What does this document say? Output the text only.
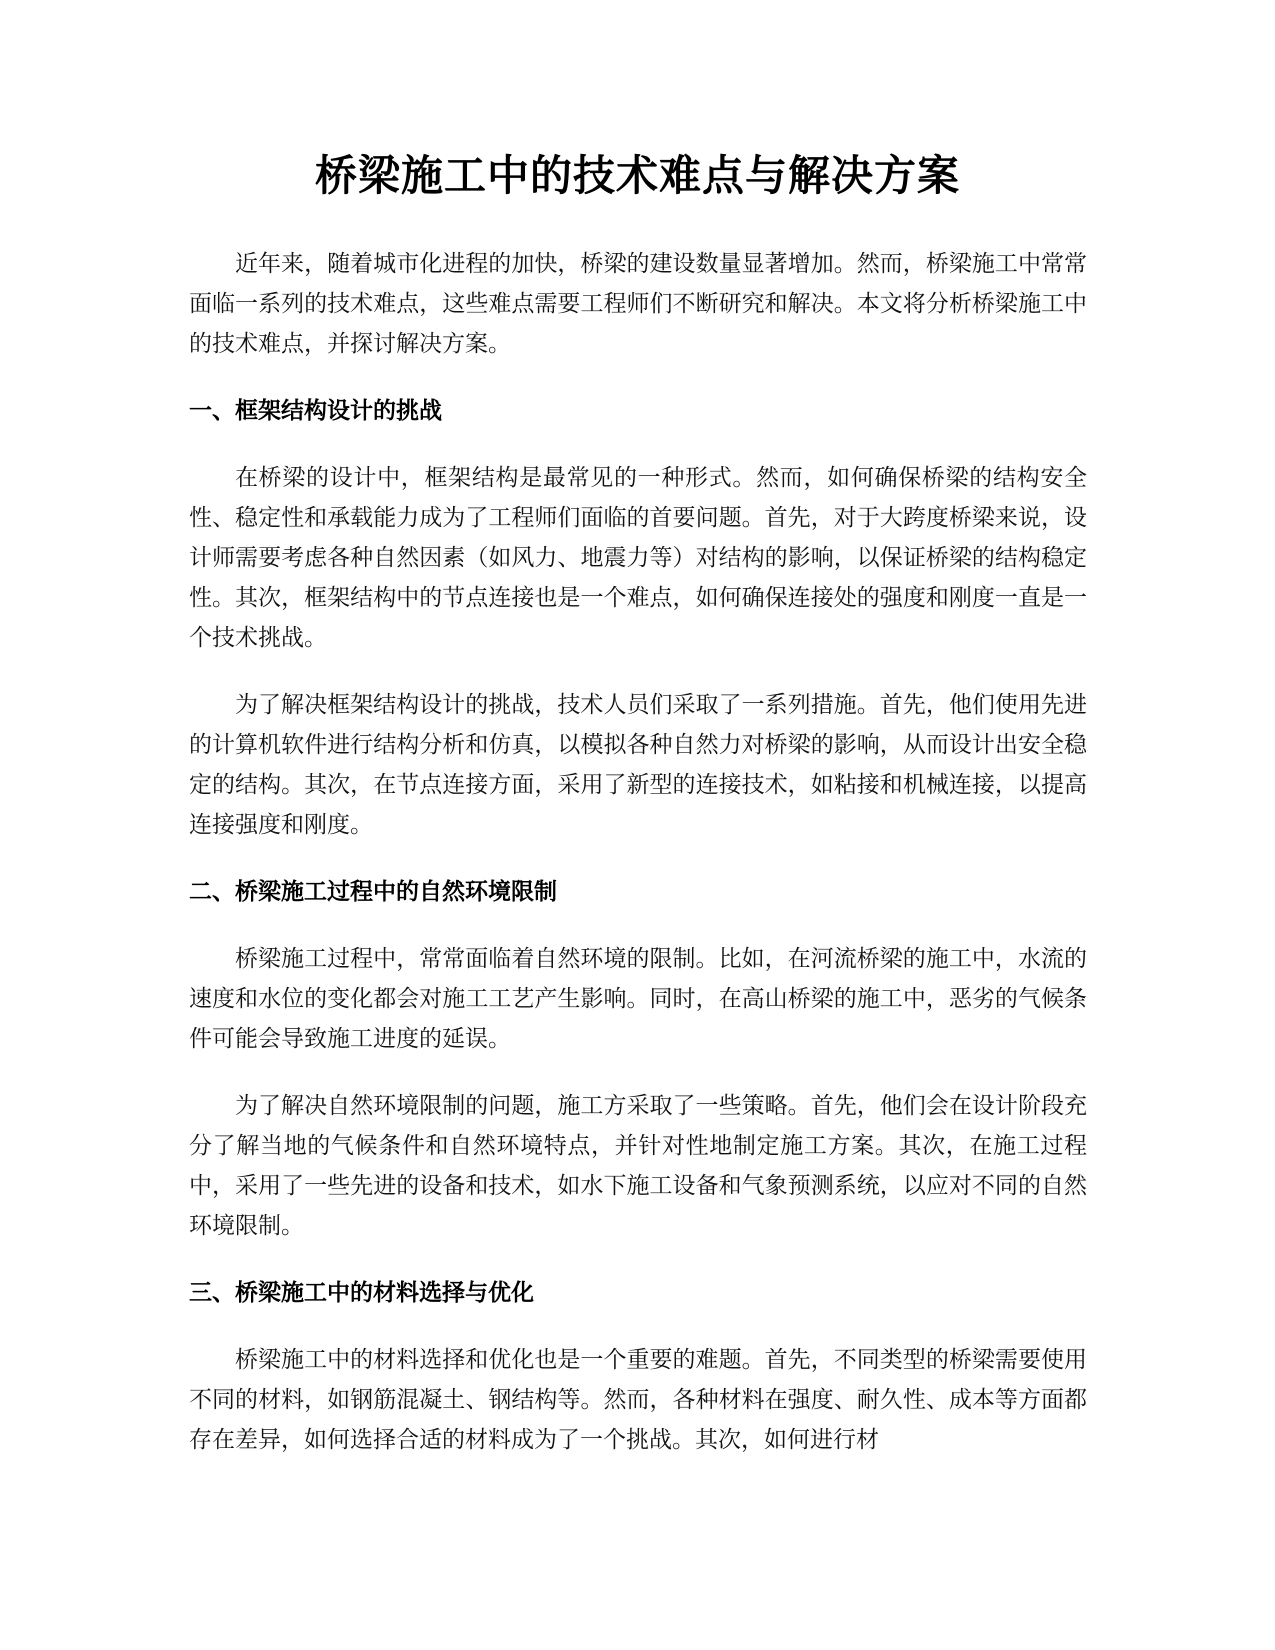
桥梁施工中的技术难点与解决方案

近年来，随着城市化进程的加快，桥梁的建设数量显著增加。然而，桥梁施工中常常面临一系列的技术难点，这些难点需要工程师们不断研究和解决。本文将分析桥梁施工中的技术难点，并探讨解决方案。

一、框架结构设计的挑战

在桥梁的设计中，框架结构是最常见的一种形式。然而，如何确保桥梁的结构安全性、稳定性和承载能力成为了工程师们面临的首要问题。首先，对于大跨度桥梁来说，设计师需要考虑各种自然因素（如风力、地震力等）对结构的影响，以保证桥梁的结构稳定性。其次，框架结构中的节点连接也是一个难点，如何确保连接处的强度和刚度一直是一个技术挑战。

为了解决框架结构设计的挑战，技术人员们采取了一系列措施。首先，他们使用先进的计算机软件进行结构分析和仿真，以模拟各种自然力对桥梁的影响，从而设计出安全稳定的结构。其次，在节点连接方面，采用了新型的连接技术，如粘接和机械连接，以提高连接强度和刚度。

二、桥梁施工过程中的自然环境限制

桥梁施工过程中，常常面临着自然环境的限制。比如，在河流桥梁的施工中，水流的速度和水位的变化都会对施工工艺产生影响。同时，在高山桥梁的施工中，恶劣的气候条件可能会导致施工进度的延误。

为了解决自然环境限制的问题，施工方采取了一些策略。首先，他们会在设计阶段充分了解当地的气候条件和自然环境特点，并针对性地制定施工方案。其次，在施工过程中，采用了一些先进的设备和技术，如水下施工设备和气象预测系统，以应对不同的自然环境限制。

三、桥梁施工中的材料选择与优化

桥梁施工中的材料选择和优化也是一个重要的难题。首先，不同类型的桥梁需要使用不同的材料，如钢筋混凝土、钢结构等。然而，各种材料在强度、耐久性、成本等方面都存在差异，如何选择合适的材料成为了一个挑战。其次，如何进行材
